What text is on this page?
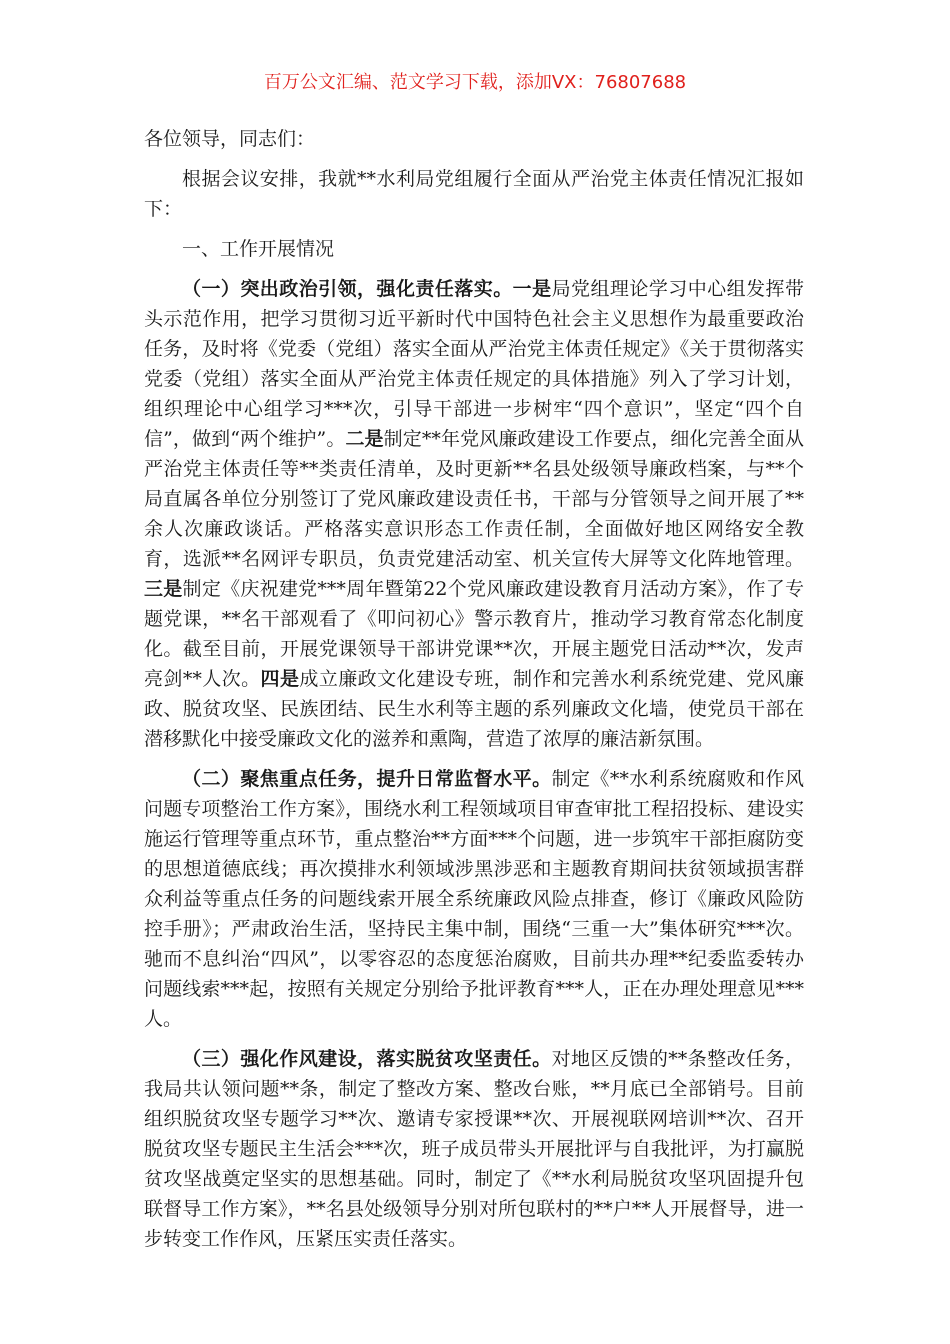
百万公文汇编、范文学习下载，添加VX：76807688

各位领导，同志们：

根据会议安排，我就**水利局党组履行全面从严治党主体责任情况汇报如下：

一、工作开展情况

（一）突出政治引领，强化责任落实。一是局党组理论学习中心组发挥带头示范作用，把学习贯彻习近平新时代中国特色社会主义思想作为最重要政治任务，及时将《党委（党组）落实全面从严治党主体责任规定》《关于贯彻落实党委（党组）落实全面从严治党主体责任规定的具体措施》列入了学习计划，组织理论中心组学习***次，引导干部进一步树牢“四个意识”，坚定“四个自信”，做到“两个维护”。二是制定**年党风廉政建设工作要点，细化完善全面从严治党主体责任等**类责任清单，及时更新**名县处级领导廉政档案，与**个局直属各单位分别签订了党风廉政建设责任书，干部与分管领导之间开展了**余人次廉政谈话。严格落实意识形态工作责任制，全面做好地区网络安全教育，选派**名网评专职员，负责党建活动室、机关宣传大屏等文化阵地管理。三是制定《庆祝建党***周年暨第22个党风廉政建设教育月活动方案》，作了专题党课，**名干部观看了《叩问初心》警示教育片，推动学习教育常态化制度化。截至目前，开展党课领导干部讲党课**次，开展主题党日活动**次，发声亮剑**人次。四是成立廉政文化建设专班，制作和完善水利系统党建、党风廉政、脱贫攻坚、民族团结、民生水利等主题的系列廉政文化墙，使党员干部在潜移默化中接受廉政文化的滋养和熏陶，营造了浓厚的廉洁新氛围。

（二）聚焦重点任务，提升日常监督水平。制定《**水利系统腐败和作风问题专项整治工作方案》，围绕水利工程领域项目审查审批工程招投标、建设实施运行管理等重点环节，重点整治**方面***个问题，进一步筑牢干部拒腐防变的思想道德底线；再次摸排水利领域涉黑涉恶和主题教育期间扶贫领域损害群众利益等重点任务的问题线索开展全系统廉政风险点排查，修订《廉政风险防控手册》；严肃政治生活，坚持民主集中制，围绕“三重一大”集体研究***次。驰而不息纠治“四风”，以零容忍的态度惩治腐败，目前共办理**纪委监委转办问题线索***起，按照有关规定分别给予批评教育***人，正在办理处理意见***人。

（三）强化作风建设，落实脱贫攻坚责任。对地区反馈的**条整改任务，我局共认领问题**条，制定了整改方案、整改台账，**月底已全部销号。目前组织脱贫攻坚专题学习**次、邀请专家授课**次、开展视联网培训**次、召开脱贫攻坚专题民主生活会***次，班子成员带头开展批评与自我批评，为打赢脱贫攻坚战奠定坚实的思想基础。同时，制定了《**水利局脱贫攻坚巩固提升包联督导工作方案》，**名县处级领导分别对所包联村的**户**人开展督导，进一步转变工作作风，压紧压实责任落实。
